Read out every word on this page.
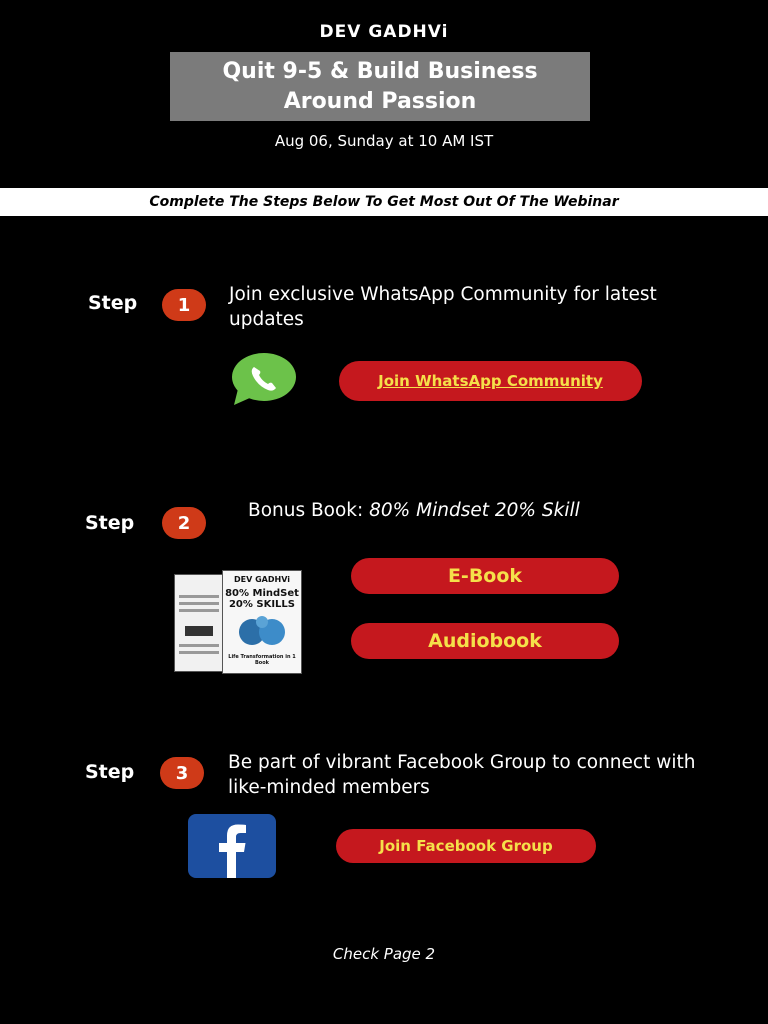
DEV GADHVi
Quit 9-5 & Build Business Around Passion
Aug 06, Sunday at 10 AM IST
Complete The Steps Below To Get Most Out Of The Webinar
Step	1	Join exclusive WhatsApp Community for latest updates
Join WhatsApp Community
Step	2
Bonus Book: 80% Mindset 20% Skill
DEV GADHVi
80% MindSet
20% SKILLS
Life Transformation in 1 Book
E-Book
Audiobook
Step	3	Be part of vibrant Facebook Group to connect with like-minded members
Join Facebook Group
Check Page 2
